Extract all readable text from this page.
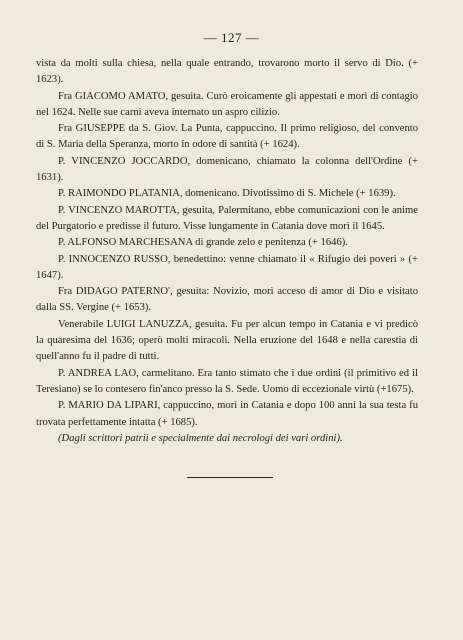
— 127 —

vista da molti sulla chiesa, nella quale entrando, trovarono morto il servo di Dio. (+ 1623).

Fra GIACOMO AMATO, gesuita. Curò eroicamente gli appestati e morì di contagio nel 1624. Nelle sue carni aveva internato un aspro cilizio.

Fra GIUSEPPE da S. Giov. La Punta, cappuccino. Il primo religioso, del convento di S. Maria della Speranza, morto in odore di santità (+ 1624).

P. VINCENZO JOCCARDO, domenicano, chiamato la colonna dell'Ordine (+ 1631).

P. RAIMONDO PLATANIA, domenicano. Divotissimo di S. Michele (+ 1639).

P. VINCENZO MAROTTA, gesuita, Palermitano, ebbe comunicazioni con le anime del Purgatorio e predisse il futuro. Visse lungamente in Catania dove morì il 1645.

P. ALFONSO MARCHESANA di grande zelo e penitenza (+ 1646).

P. INNOCENZO RUSSO, benedettino: venne chiamato il « Rifugio dei poveri » (+ 1647).

Fra DIDAGO PATERNO', gesuita: Novizio, morì acceso di amor di Dio e visitato dalla SS. Vergine (+ 1653).

Venerabile LUIGI LANUZZA, gesuita. Fu per alcun tempo in Catania e vi predicò la quaresima del 1636; operò molti miracoli. Nella eruzione del 1648 e nella carestia di quell'anno fu il padre di tutti.

P. ANDREA LAO, carmelitano. Era tanto stimato che i due ordini (il primitivo ed il Teresiano) se lo contesero fin'anco presso la S. Sede. Uomo di eccezionale virtù (+1675).

P. MARIO DA LIPARI, cappuccino, morì in Catania e dopo 100 anni la sua testa fu trovata perfettamente intatta (+ 1685).

(Dagli scrittori patrii e specialmente dai necrologi dei vari ordini).
